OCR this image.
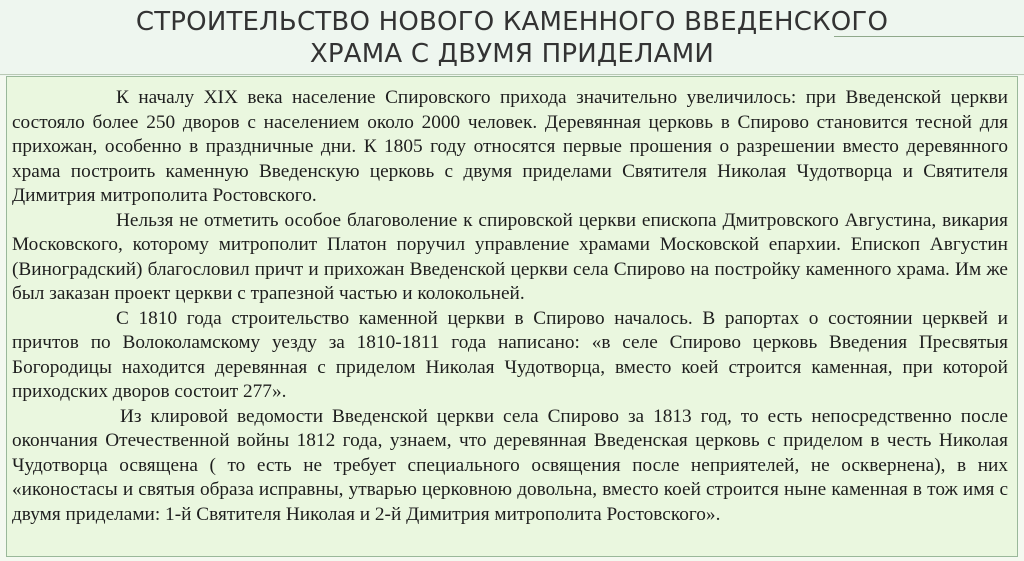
СТРОИТЕЛЬСТВО НОВОГО КАМЕННОГО ВВЕДЕНСКОГО
ХРАМА С ДВУМЯ ПРИДЕЛАМИ

К началу XIX века население Спировского прихода значительно увеличилось: при Введенской церкви состояло более 250 дворов с населением около 2000 человек. Деревянная церковь в Спирово становится тесной для прихожан, особенно в праздничные дни. К 1805 году относятся первые прошения о разрешении вместо деревянного храма построить каменную Введенскую церковь с двумя приделами Святителя Николая Чудотворца и Святителя Димитрия митрополита Ростовского.

Нельзя не отметить особое благоволение к спировской церкви епископа Дмитровского Августина, викария Московского, которому митрополит Платон поручил управление храмами Московской епархии. Епископ Августин (Виноградский) благословил причт и прихожан Введенской церкви села Спирово на постройку каменного храма. Им же был заказан проект церкви с трапезной частью и колокольней.

С 1810 года строительство каменной церкви в Спирово началось. В рапортах о состоянии церквей и причтов по Волоколамскому уезду за 1810-1811 года написано: «в селе Спирово церковь Введения Пресвятыя Богородицы находится деревянная с приделом Николая Чудотворца, вместо коей строится каменная, при которой приходских дворов состоит 277».

Из клировой ведомости Введенской церкви села Спирово за 1813 год, то есть непосредственно после окончания Отечественной войны 1812 года, узнаем, что деревянная Введенская церковь с приделом в честь Николая Чудотворца освящена ( то есть не требует специального освящения после неприятелей, не осквернена), в них «иконостасы и святыя образа исправны, утварью церковною довольна, вместо коей строится ныне каменная в тож имя с двумя приделами: 1-й Святителя Николая и 2-й Димитрия митрополита Ростовского».
